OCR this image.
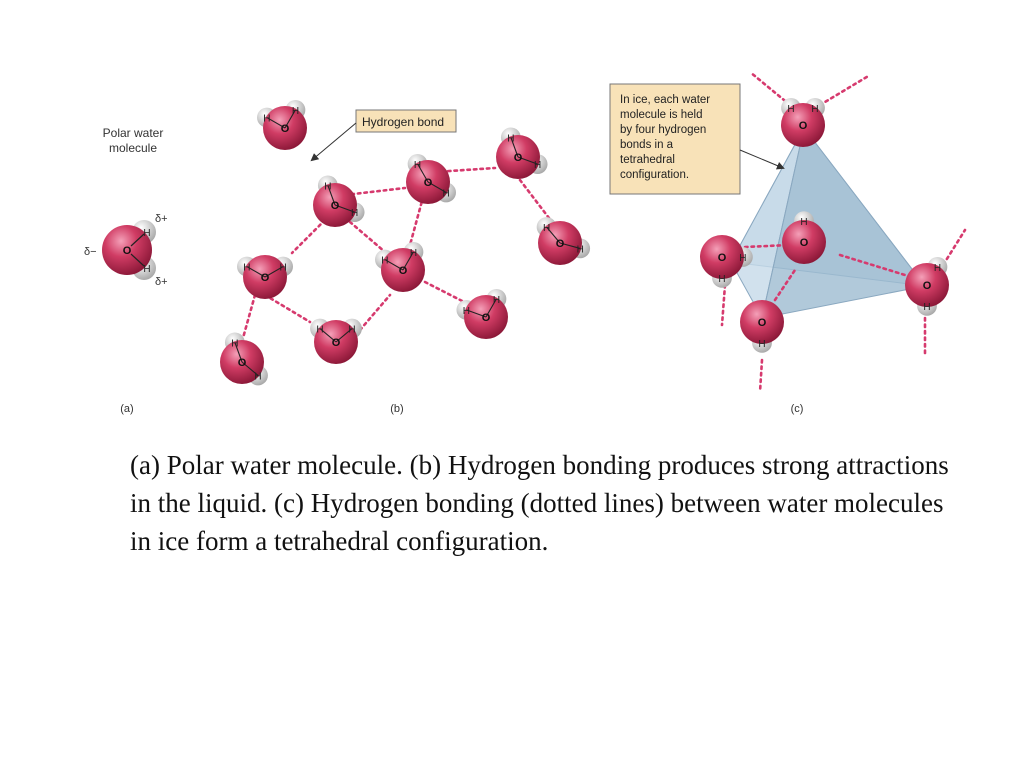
Polar water
molecule
O
H
H
δ+
δ−
δ+
(a)
Hydrogen bond
O
H
H
O
H
H
O
H
H
O
H
H
O
H	H	O
H
H
O
H
H
O
H H
O
H
H
O
H
H
(b)
O
H H
O
H
O H
H
O
H
O
H
H
In ice, each water
molecule is held
by four hydrogen
bonds in a
tetrahedral
configuration.
(c)
(a) Polar water molecule. (b) Hydrogen bonding produces strong attractions in the liquid. (c) Hydrogen bonding (dotted lines) between water molecules in ice form a tetrahedral configuration.
